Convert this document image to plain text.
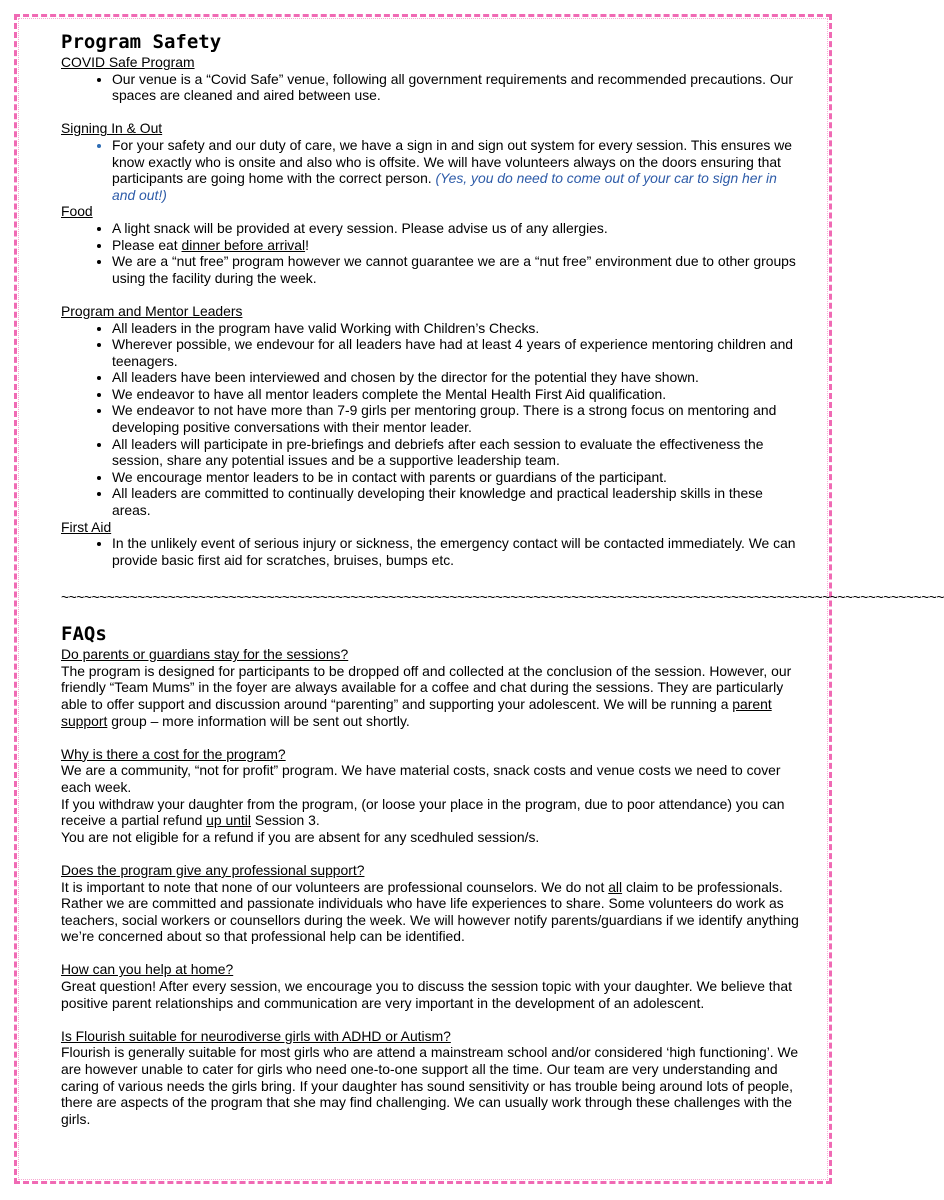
Program Safety

COVID Safe Program

• Our venue is a “Covid Safe” venue, following all government requirements and recommended precautions. Our spaces are cleaned and aired between use.

Signing In & Out

• For your safety and our duty of care, we have a sign in and sign out system for every session. This ensures we know exactly who is onsite and also who is offsite. We will have volunteers always on the doors ensuring that participants are going home with the correct person. (Yes, you do need to come out of your car to sign her in and out!)

Food

• A light snack will be provided at every session. Please advise us of any allergies.
• Please eat dinner before arrival!
• We are a “nut free” program however we cannot guarantee we are a “nut free” environment due to other groups using the facility during the week.

Program and Mentor Leaders

• All leaders in the program have valid Working with Children’s Checks.
• Wherever possible, we endevour for all leaders have had at least 4 years of experience mentoring children and teenagers.
• All leaders have been interviewed and chosen by the director for the potential they have shown.
• We endeavor to have all mentor leaders complete the Mental Health First Aid qualification.
• We endeavor to not have more than 7-9 girls per mentoring group. There is a strong focus on mentoring and developing positive conversations with their mentor leader.
• All leaders will participate in pre-briefings and debriefs after each session to evaluate the effectiveness the session, share any potential issues and be a supportive leadership team.
• We encourage mentor leaders to be in contact with parents or guardians of the participant.
• All leaders are committed to continually developing their knowledge and practical leadership skills in these areas.

First Aid

• In the unlikely event of serious injury or sickness, the emergency contact will be contacted immediately. We can provide basic first aid for scratches, bruises, bumps etc.

~~~~~~~~~~~~~~~~~~~~~~~~~~~~~~~~~~~~~~~~~~~~~~~~~~~~~~~~~~~~~~~~~~~~~~~~~~~~~~~~~~~~~~~~~~~~~~~~~~~~~~~~~~~~~~~~~~~~

FAQs

Do parents or guardians stay for the sessions?

The program is designed for participants to be dropped off and collected at the conclusion of the session. However, our friendly “Team Mums” in the foyer are always available for a coffee and chat during the sessions. They are particularly able to offer support and discussion around “parenting” and supporting your adolescent. We will be running a parent support group – more information will be sent out shortly.

Why is there a cost for the program?

We are a community, “not for profit” program. We have material costs, snack costs and venue costs we need to cover each week.

If you withdraw your daughter from the program, (or loose your place in the program, due to poor attendance) you can receive a partial refund up until Session 3.

You are not eligible for a refund if you are absent for any scedhuled session/s.

Does the program give any professional support?

It is important to note that none of our volunteers are professional counselors. We do not all claim to be professionals. Rather we are committed and passionate individuals who have life experiences to share. Some volunteers do work as teachers, social workers or counsellors during the week. We will however notify parents/guardians if we identify anything we’re concerned about so that professional help can be identified.

How can you help at home?

Great question! After every session, we encourage you to discuss the session topic with your daughter. We believe that positive parent relationships and communication are very important in the development of an adolescent.

Is Flourish suitable for neurodiverse girls with ADHD or Autism?

Flourish is generally suitable for most girls who are attend a mainstream school and/or considered ‘high functioning’. We are however unable to cater for girls who need one-to-one support all the time. Our team are very understanding and caring of various needs the girls bring. If your daughter has sound sensitivity or has trouble being around lots of people, there are aspects of the program that she may find challenging. We can usually work through these challenges with the girls.
